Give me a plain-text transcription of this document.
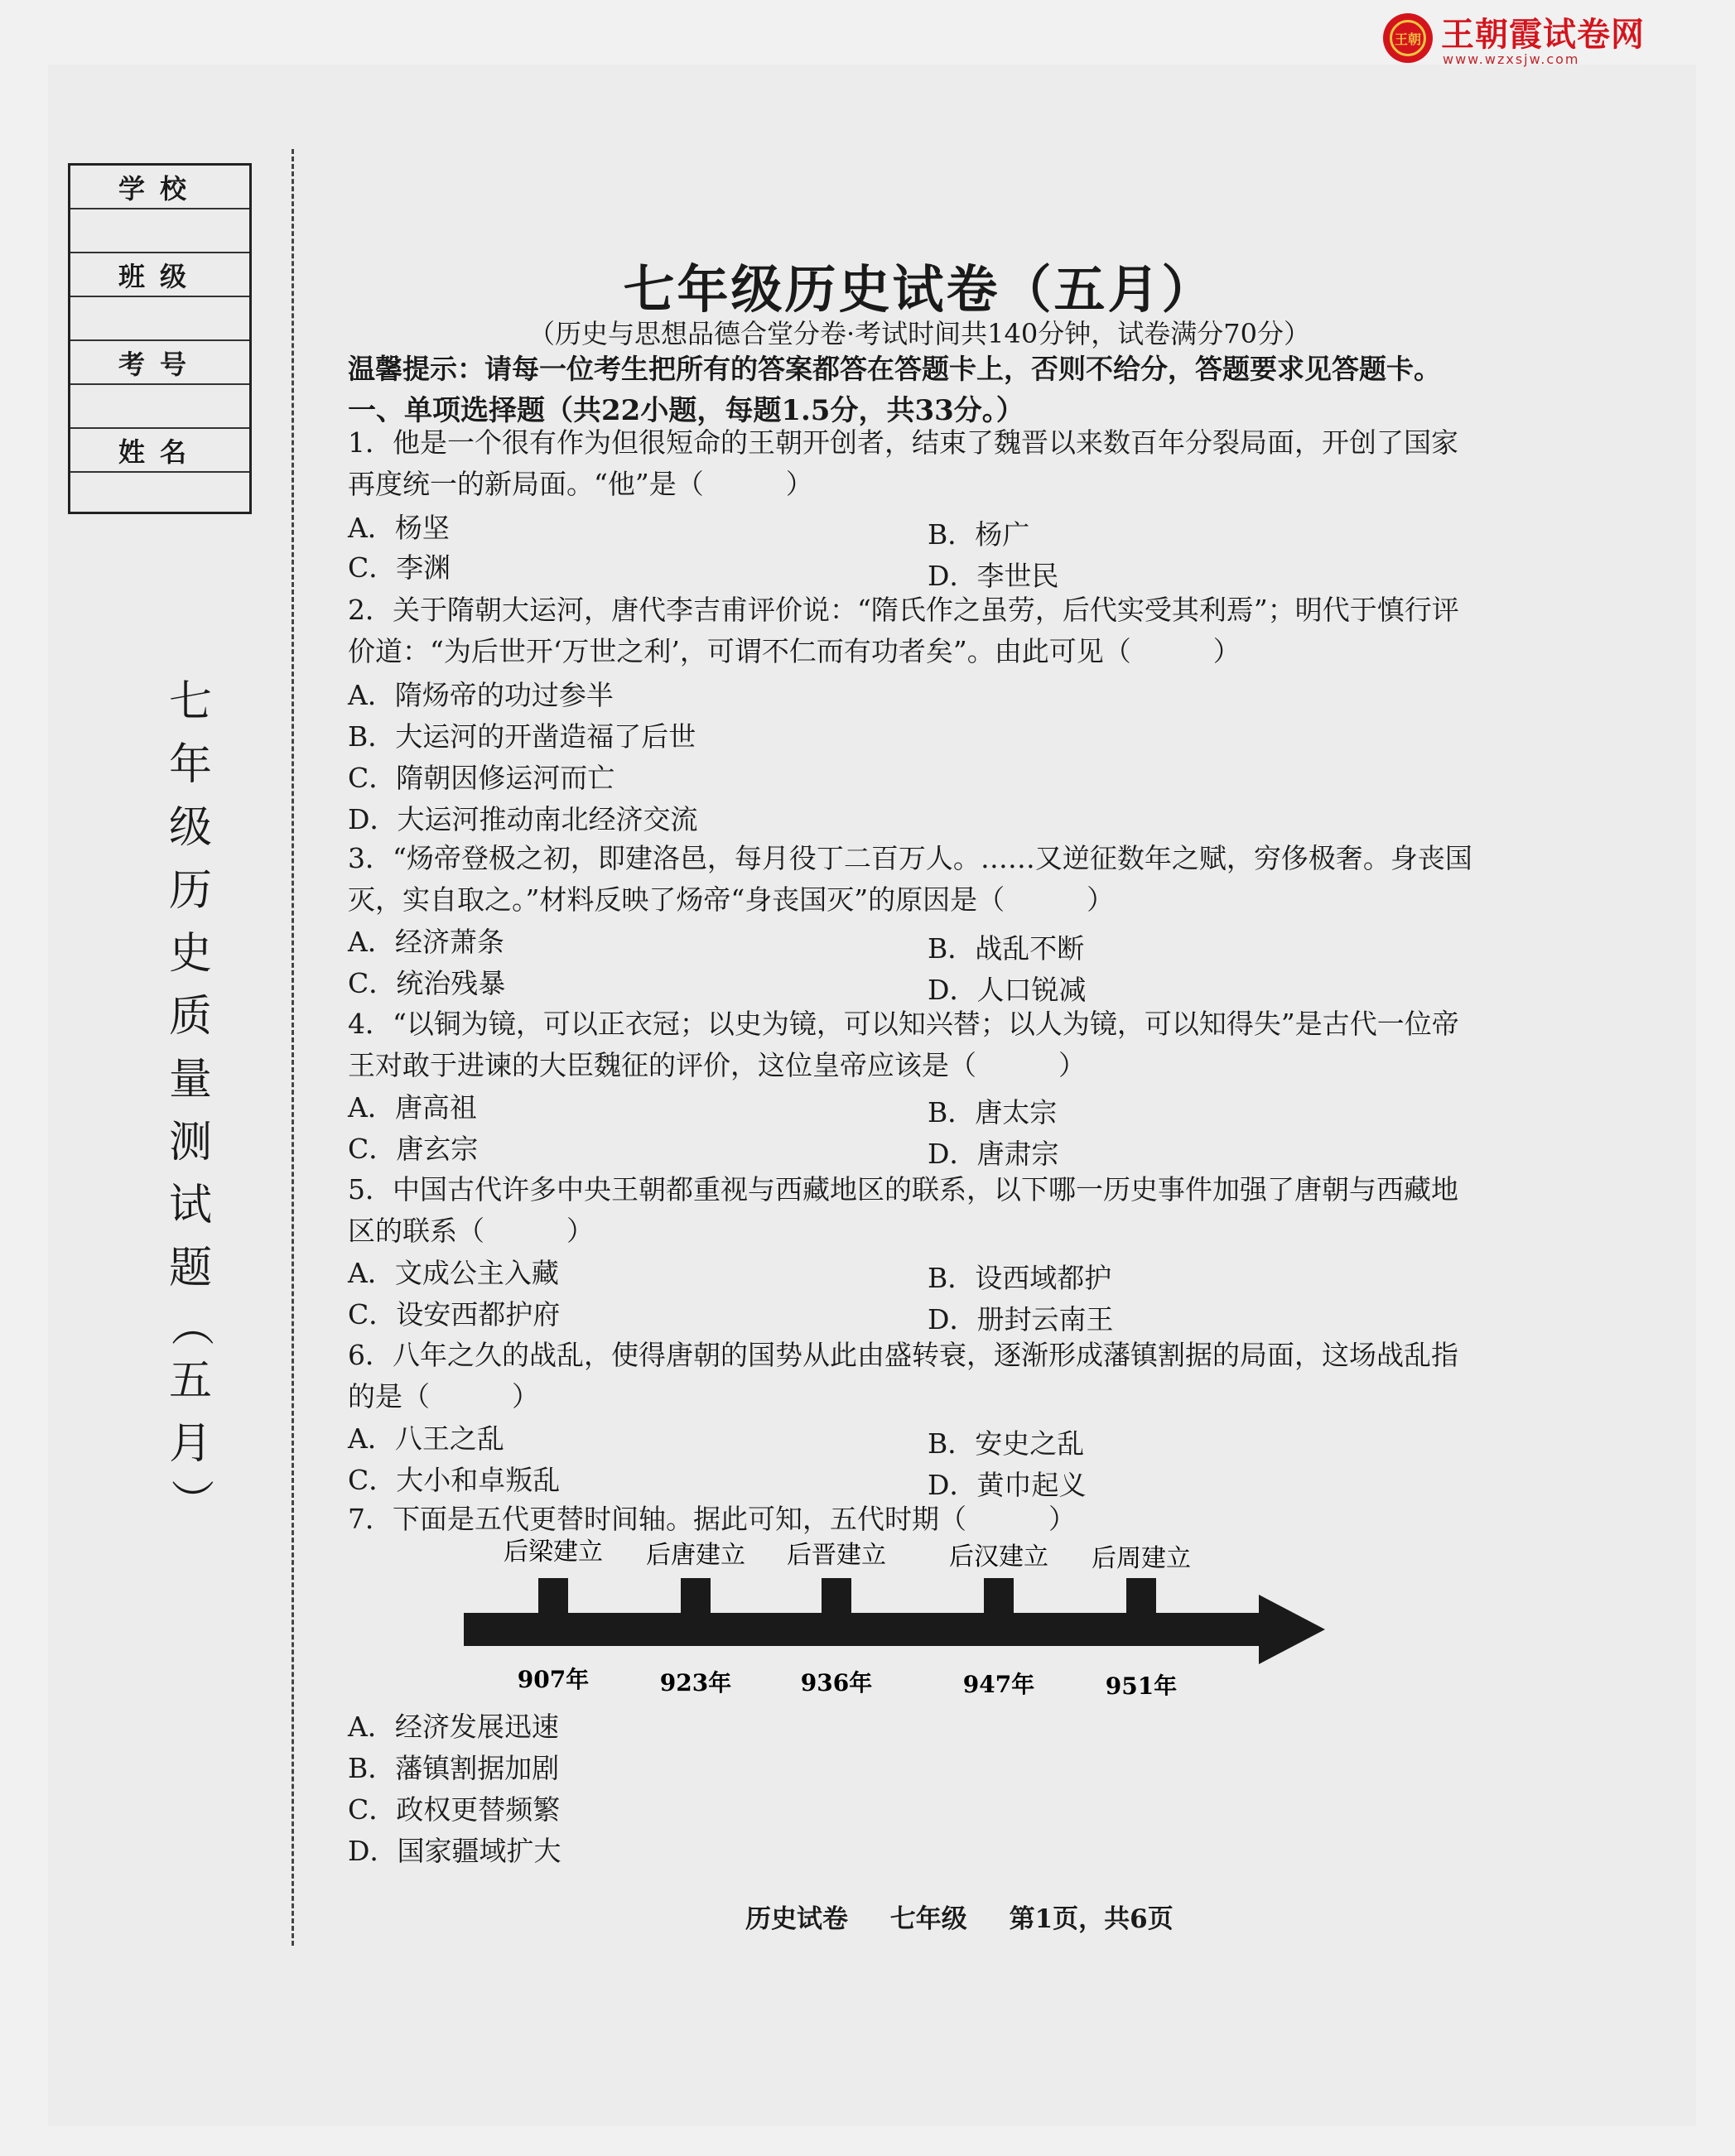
王朝 王朝霞试卷网
www.wzxsjw.com
学校
班级
考号
姓名
七
年
级
历
史
质
量
测
试
题
（
五
月
）
七年级历史试卷（五月）
（历史与思想品德合堂分卷·考试时间共140分钟，试卷满分70分）
温馨提示：请每一位考生把所有的答案都答在答题卡上，否则不给分，答题要求见答题卡。
一、单项选择题（共22小题，每题1.5分，共33分。）
1．他是一个很有作为但很短命的王朝开创者，结束了魏晋以来数百年分裂局面，开创了国家再度统一的新局面。“他”是（　　　）
A．杨坚	B．杨广
C．李渊	D．李世民
2．关于隋朝大运河，唐代李吉甫评价说：“隋氏作之虽劳，后代实受其利焉”；明代于慎行评价道：“为后世开‘万世之利’，可谓不仁而有功者矣”。由此可见（　　　）
A．隋炀帝的功过参半
B．大运河的开凿造福了后世
C．隋朝因修运河而亡
D．大运河推动南北经济交流
3．“炀帝登极之初，即建洛邑，每月役丁二百万人。……又逆征数年之赋，穷侈极奢。身丧国灭，实自取之。”材料反映了炀帝“身丧国灭”的原因是（　　　）
A．经济萧条	B．战乱不断
C．统治残暴	D．人口锐减
4．“以铜为镜，可以正衣冠；以史为镜，可以知兴替；以人为镜，可以知得失”是古代一位帝王对敢于进谏的大臣魏征的评价，这位皇帝应该是（　　　）
A．唐高祖	B．唐太宗
C．唐玄宗	D．唐肃宗
5．中国古代许多中央王朝都重视与西藏地区的联系，以下哪一历史事件加强了唐朝与西藏地区的联系（　　　）
A．文成公主入藏	B．设西域都护
C．设安西都护府	D．册封云南王
6．八年之久的战乱，使得唐朝的国势从此由盛转衰，逐渐形成藩镇割据的局面，这场战乱指的是（　　　）
A．八王之乱	B．安史之乱
C．大小和卓叛乱	D．黄巾起义
7．下面是五代更替时间轴。据此可知，五代时期（　　　）
后梁建立 后唐建立 后晋建立	后汉建立 后周建立
907年	923年	936年	947年	951年
A．经济发展迅速
B．藩镇割据加剧
C．政权更替频繁
D．国家疆域扩大
历史试卷 七年级 第1页，共6页
